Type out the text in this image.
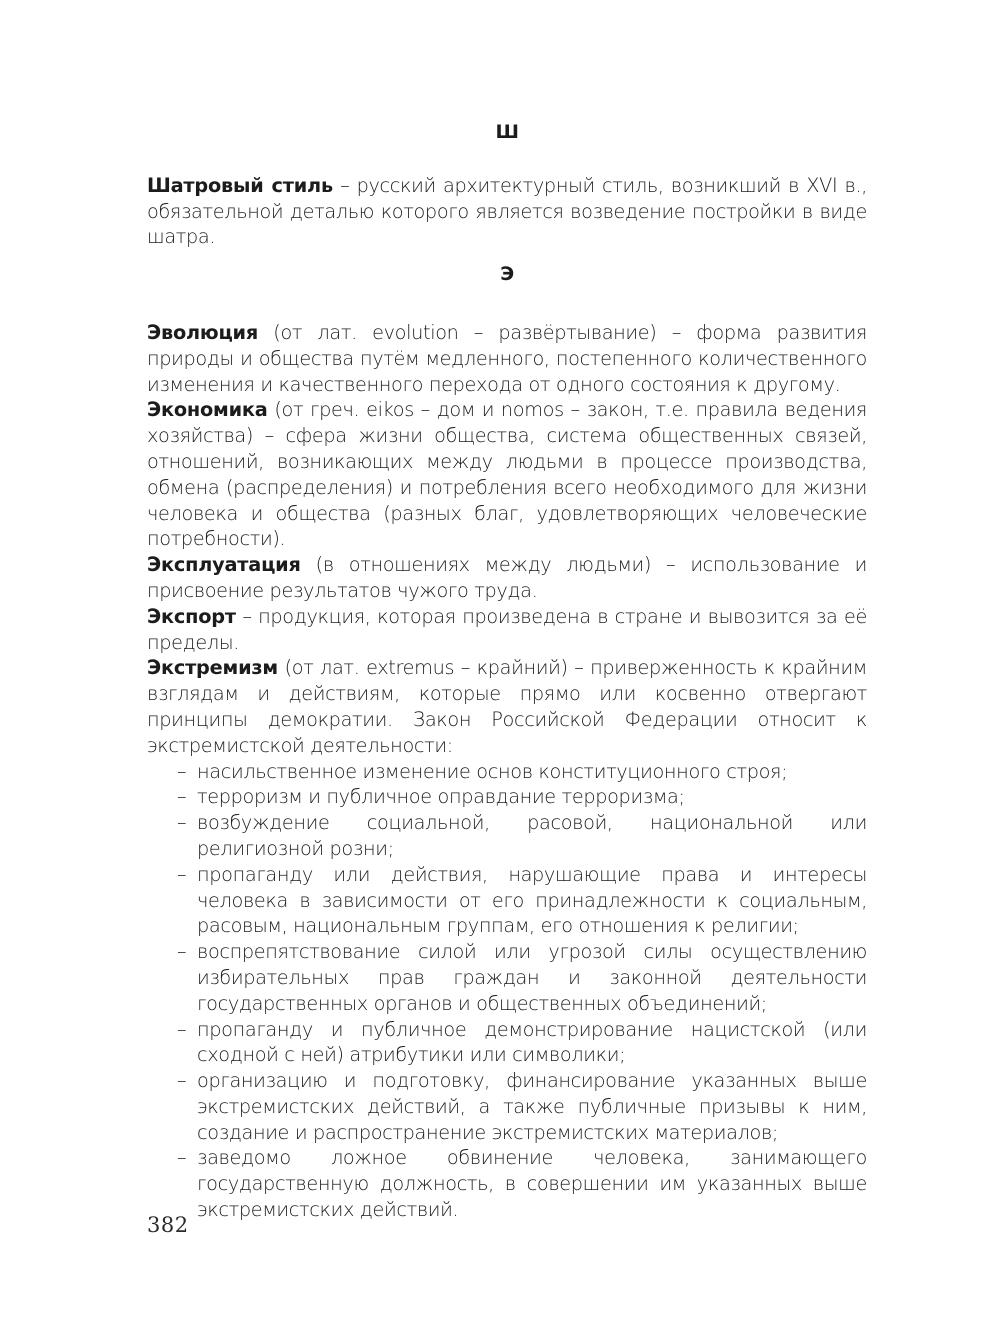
Ш

Шатровый стиль – русский архитектурный стиль, возникший в XVI в., обязательной деталью которого является возведение постройки в виде шатра.

Э

Эволюция (от лат. evolution – развёртывание) – форма развития природы и общества путём медленного, постепенного количественного изменения и качественного перехода от одного состояния к другому.

Экономика (от греч. eikos – дом и nomos – закон, т.е. правила ведения хозяйства) – сфера жизни общества, система общественных связей, отношений, возникающих между людьми в процессе производства, обмена (распределения) и потребления всего необходимого для жизни человека и общества (разных благ, удовлетворяющих человеческие потребности).

Эксплуатация (в отношениях между людьми) – использование и присвоение результатов чужого труда.

Экспорт – продукция, которая произведена в стране и вывозится за её пределы.

Экстремизм (от лат. extremus – крайний) – приверженность к крайним взглядам и действиям, которые прямо или косвенно отвергают принципы демократии. Закон Российской Федерации относит к экстремистской деятельности:

– насильственное изменение основ конституционного строя;
– терроризм и публичное оправдание терроризма;
– возбуждение социальной, расовой, национальной или религиозной розни;
– пропаганду или действия, нарушающие права и интересы человека в зависимости от его принадлежности к социальным, расовым, национальным группам, его отношения к религии;
– воспрепятствование силой или угрозой силы осуществлению избирательных прав граждан и законной деятельности государственных органов и общественных объединений;
– пропаганду и публичное демонстрирование нацистской (или сходной с ней) атрибутики или символики;
– организацию и подготовку, финансирование указанных выше экстремистских действий, а также публичные призывы к ним, создание и распространение экстремистских материалов;
– заведомо ложное обвинение человека, занимающего государственную должность, в совершении им указанных выше экстремистских действий.
382
